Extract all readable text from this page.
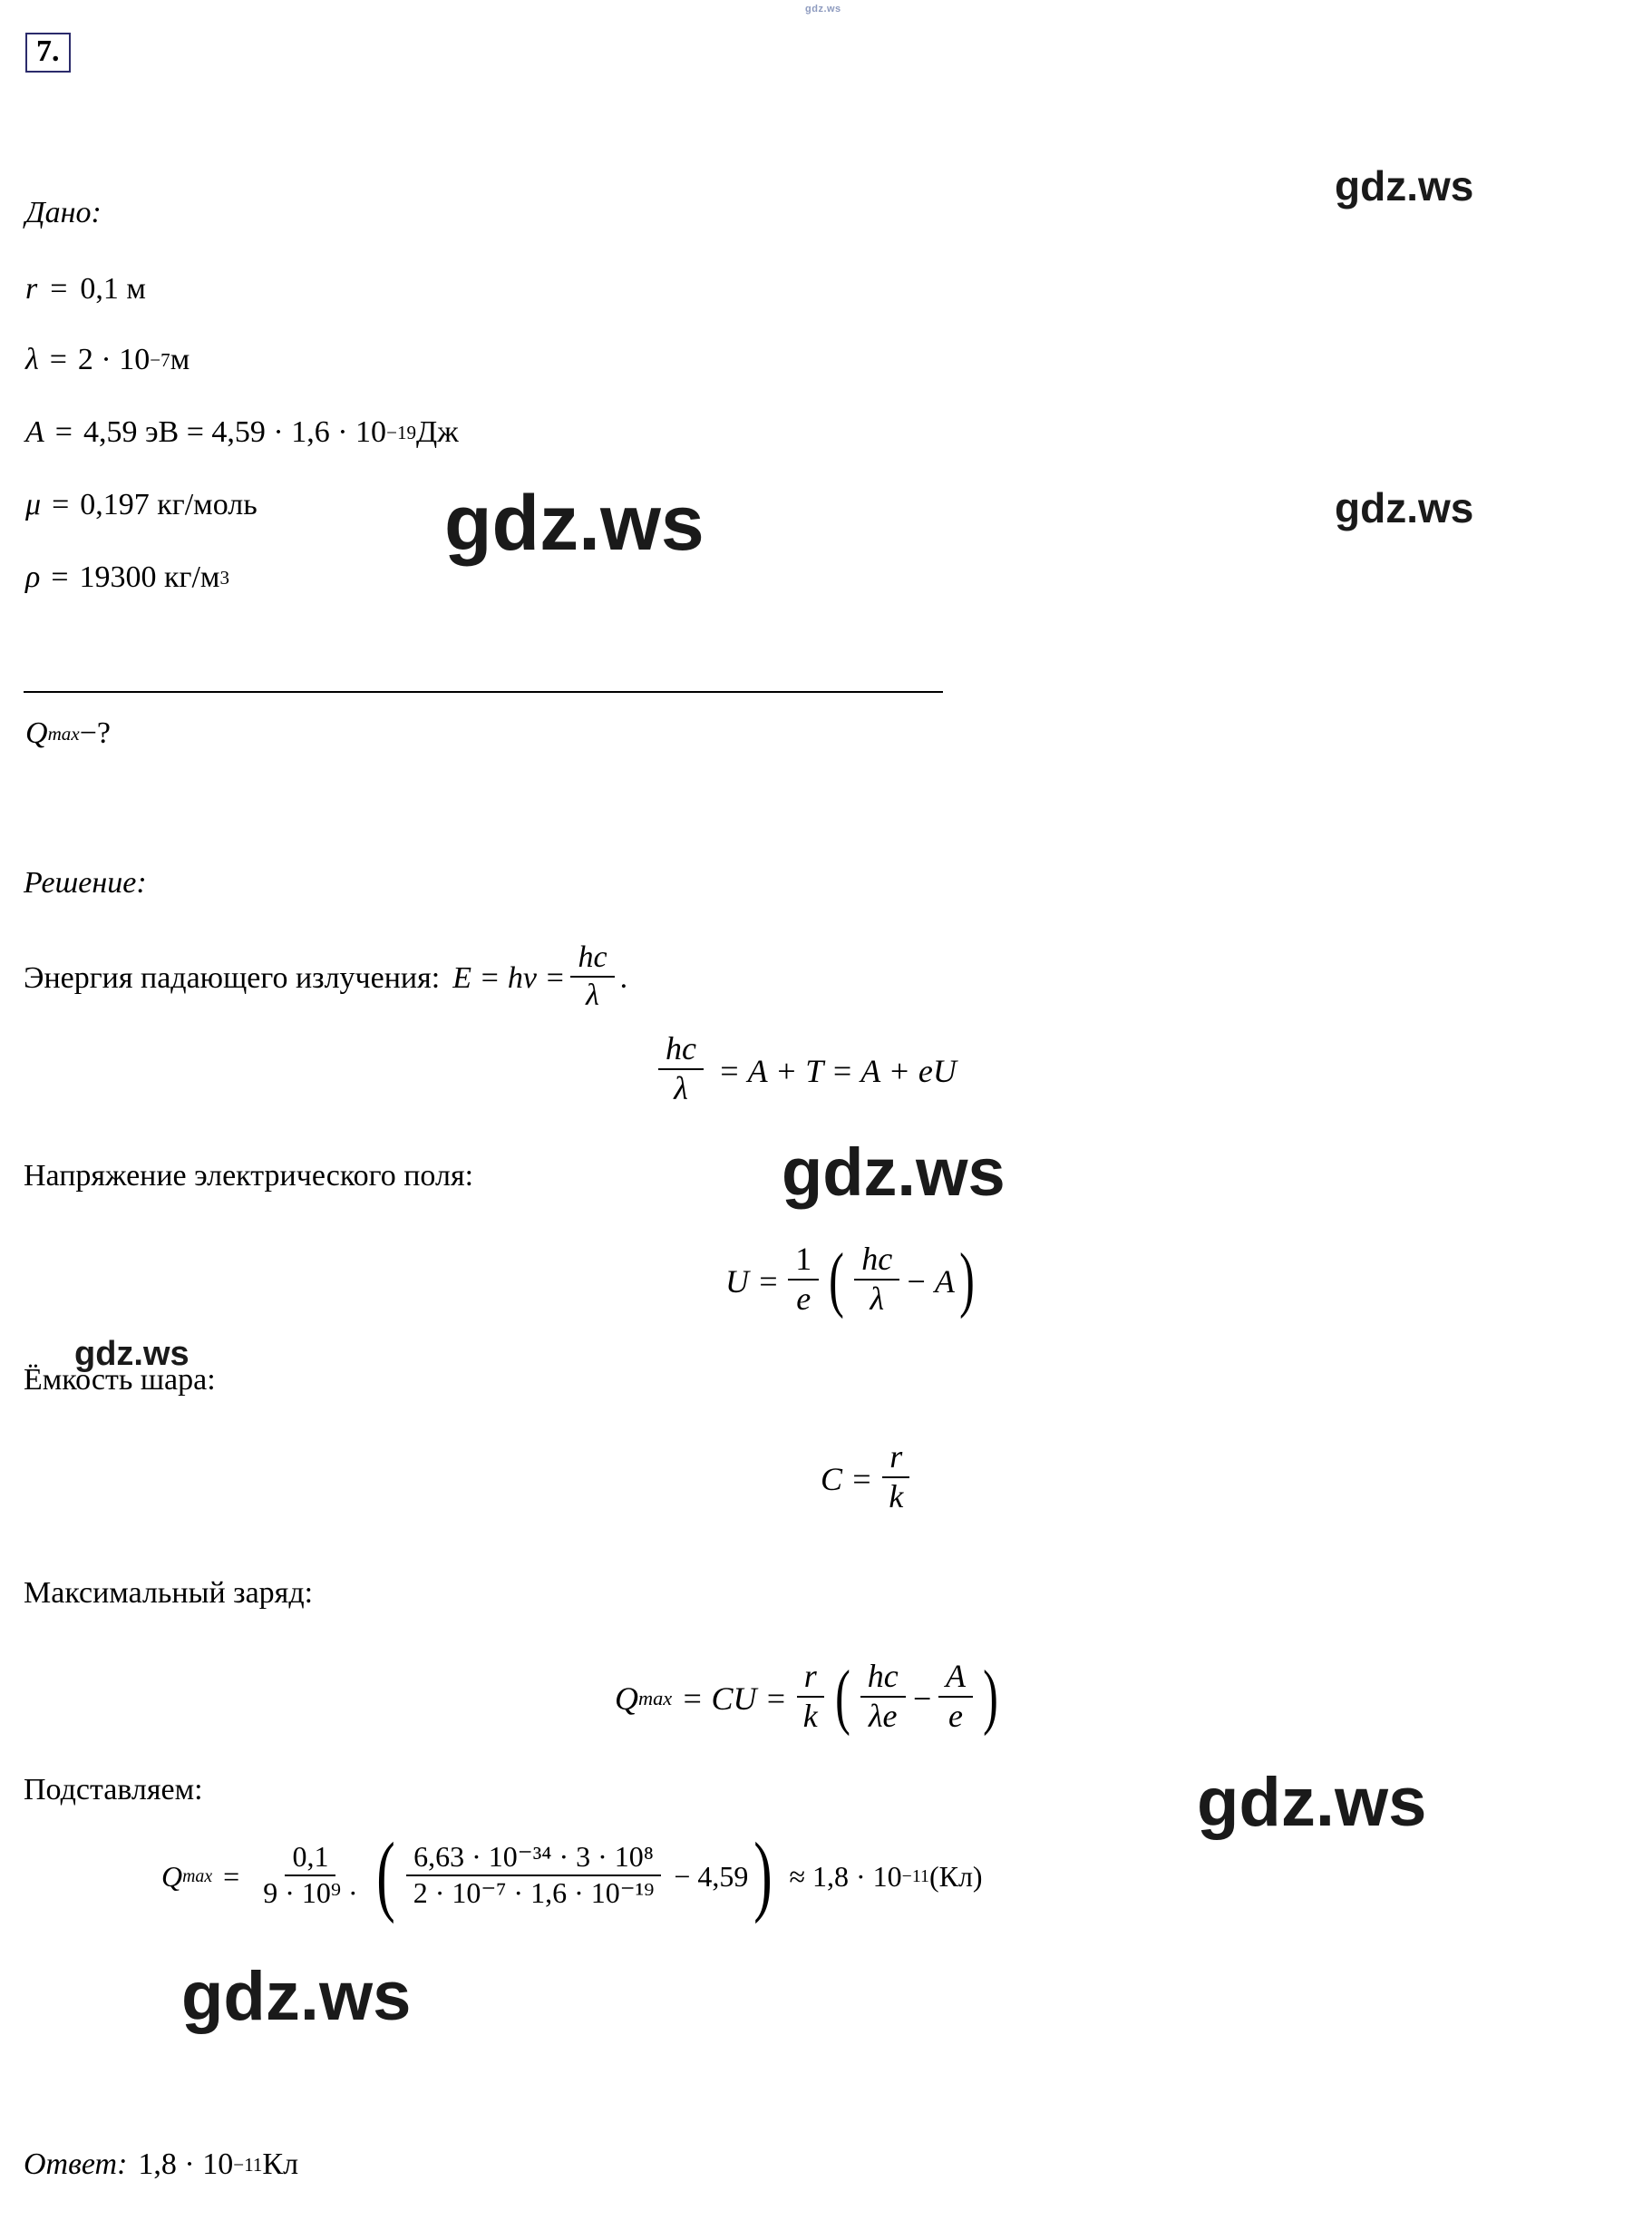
gdz.ws
7.
gdz.ws
gdz.ws
gdz.ws
gdz.ws
gdz.ws
gdz.ws
gdz.ws
Дано:
r = 0,1 м
λ = 2 · 10 −7 м
A = 4,59 эВ = 4,59 · 1,6 · 10 −19 Дж
μ = 0,197 кг/моль
ρ = 19300 кг/м 3
Q max −?
Решение:
Энергия падающего излучения: $E = h\nu = \frac{hc}{\lambda}$ .
$\frac{hc}{\lambda} = A + T = A$ + eU
Напряжение электрического поля:
$U = \frac{1}{e}$ ( $\frac{hc}{\lambda} - A$ )
Ёмкость шара:
$C = \frac{r}{k}$
Максимальный заряд:
Q max = CU = $\frac{r}{k}$ ( $\frac{hc}{\lambda e} - \frac{A}{e}$ )
Подставляем:
Q $\max = \frac{0,1}{\text{9 · 10⁹ ·}}$ ( $\frac{\text{6,63 · 10⁻³⁴ · 3 · 10⁸}}{\text{2 · 10⁻⁷ · 1,6 · 10⁻¹⁹}} - 4,59$ ) ≈ 1,8 · 10 −11 (Кл)
Ответ: 1,8 · 10 −11 Кл
